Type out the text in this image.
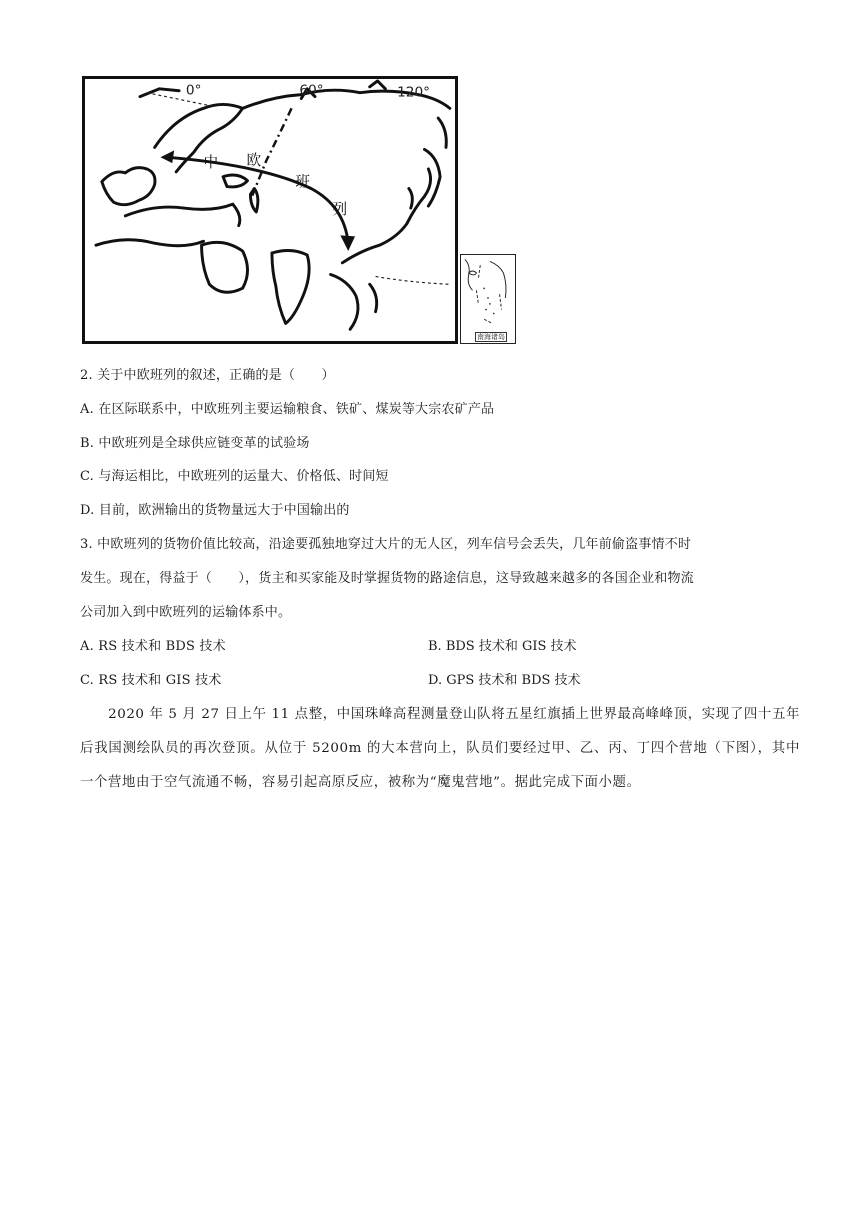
0°	60°	120°
中 欧
班
列
南海诸岛
2. 关于中欧班列的叙述，正确的是（　　）
A. 在区际联系中，中欧班列主要运输粮食、铁矿、煤炭等大宗农矿产品
B. 中欧班列是全球供应链变革的试验场
C. 与海运相比，中欧班列的运量大、价格低、时间短
D. 目前，欧洲输出的货物量远大于中国输出的
3. 中欧班列的货物价值比较高，沿途要孤独地穿过大片的无人区，列车信号会丢失，几年前偷盗事情不时
发生。现在，得益于（　　），货主和买家能及时掌握货物的路途信息，这导致越来越多的各国企业和物流
公司加入到中欧班列的运输体系中。
A. RS 技术和 BDS 技术	B. BDS 技术和 GIS 技术
C. RS 技术和 GIS 技术	D. GPS 技术和 BDS 技术
　　2020 年 5 月 27 日上午 11 点整，中国珠峰高程测量登山队将五星红旗插上世界最高峰峰顶，实现了四十五年后我国测绘队员的再次登顶。从位于 5200m 的大本营向上，队员们要经过甲、乙、丙、丁四个营地（下图），其中一个营地由于空气流通不畅，容易引起高原反应，被称为“魔鬼营地”。据此完成下面小题。
